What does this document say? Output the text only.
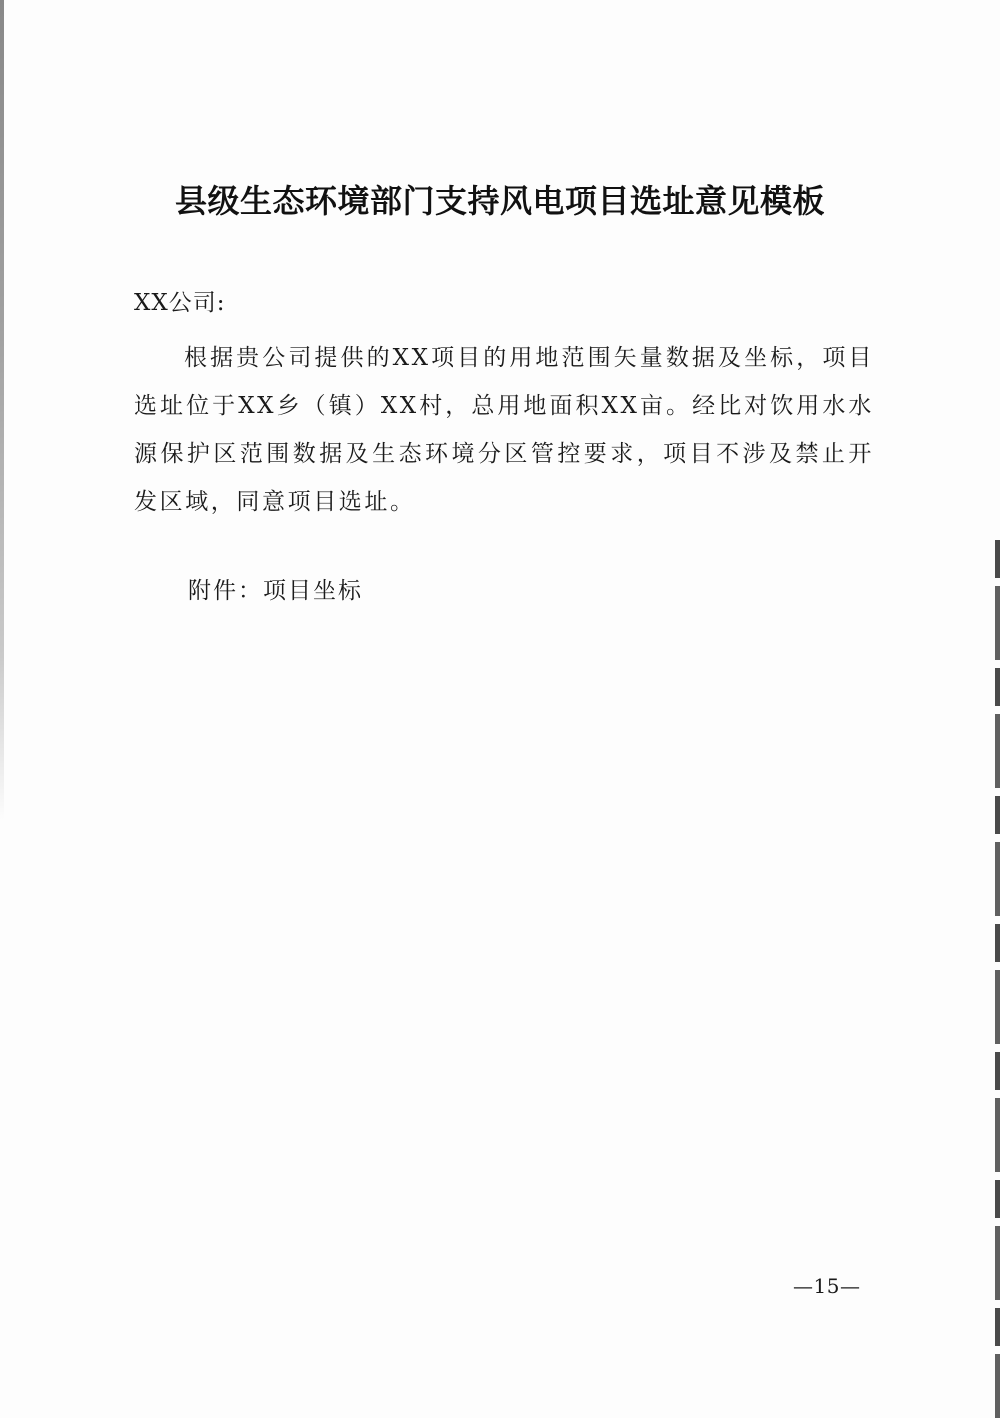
县级生态环境部门支持风电项目选址意见模板

XX公司:

根据贵公司提供的XX项目的用地范围矢量数据及坐标，项目选址位于XX乡（镇）XX村，总用地面积XX亩。经比对饮用水水源保护区范围数据及生态环境分区管控要求，项目不涉及禁止开发区域，同意项目选址。

附件：项目坐标

—15—
